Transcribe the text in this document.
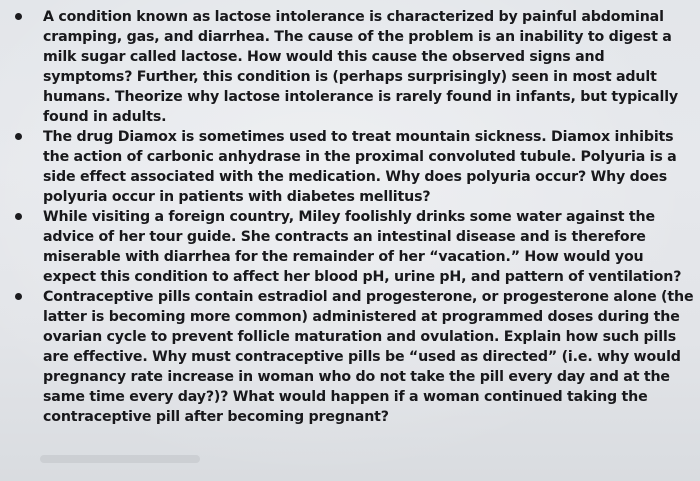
A condition known as lactose intolerance is characterized by painful abdominal cramping, gas, and diarrhea. The cause of the problem is an inability to digest a milk sugar called lactose. How would this cause the observed signs and symptoms? Further, this condition is (perhaps surprisingly) seen in most adult humans. Theorize why lactose intolerance is rarely found in infants, but typically found in adults.
The drug Diamox is sometimes used to treat mountain sickness. Diamox inhibits the action of carbonic anhydrase in the proximal convoluted tubule. Polyuria is a side effect associated with the medication. Why does polyuria occur? Why does polyuria occur in patients with diabetes mellitus?
While visiting a foreign country, Miley foolishly drinks some water against the advice of her tour guide. She contracts an intestinal disease and is therefore miserable with diarrhea for the remainder of her “vacation.” How would you expect this condition to affect her blood pH, urine pH, and pattern of ventilation?
Contraceptive pills contain estradiol and progesterone, or progesterone alone (the latter is becoming more common) administered at programmed doses during the ovarian cycle to prevent follicle maturation and ovulation. Explain how such pills are effective. Why must contraceptive pills be “used as directed” (i.e. why would pregnancy rate increase in woman who do not take the pill every day and at the same time every day?)? What would happen if a woman continued taking the contraceptive pill after becoming pregnant?
